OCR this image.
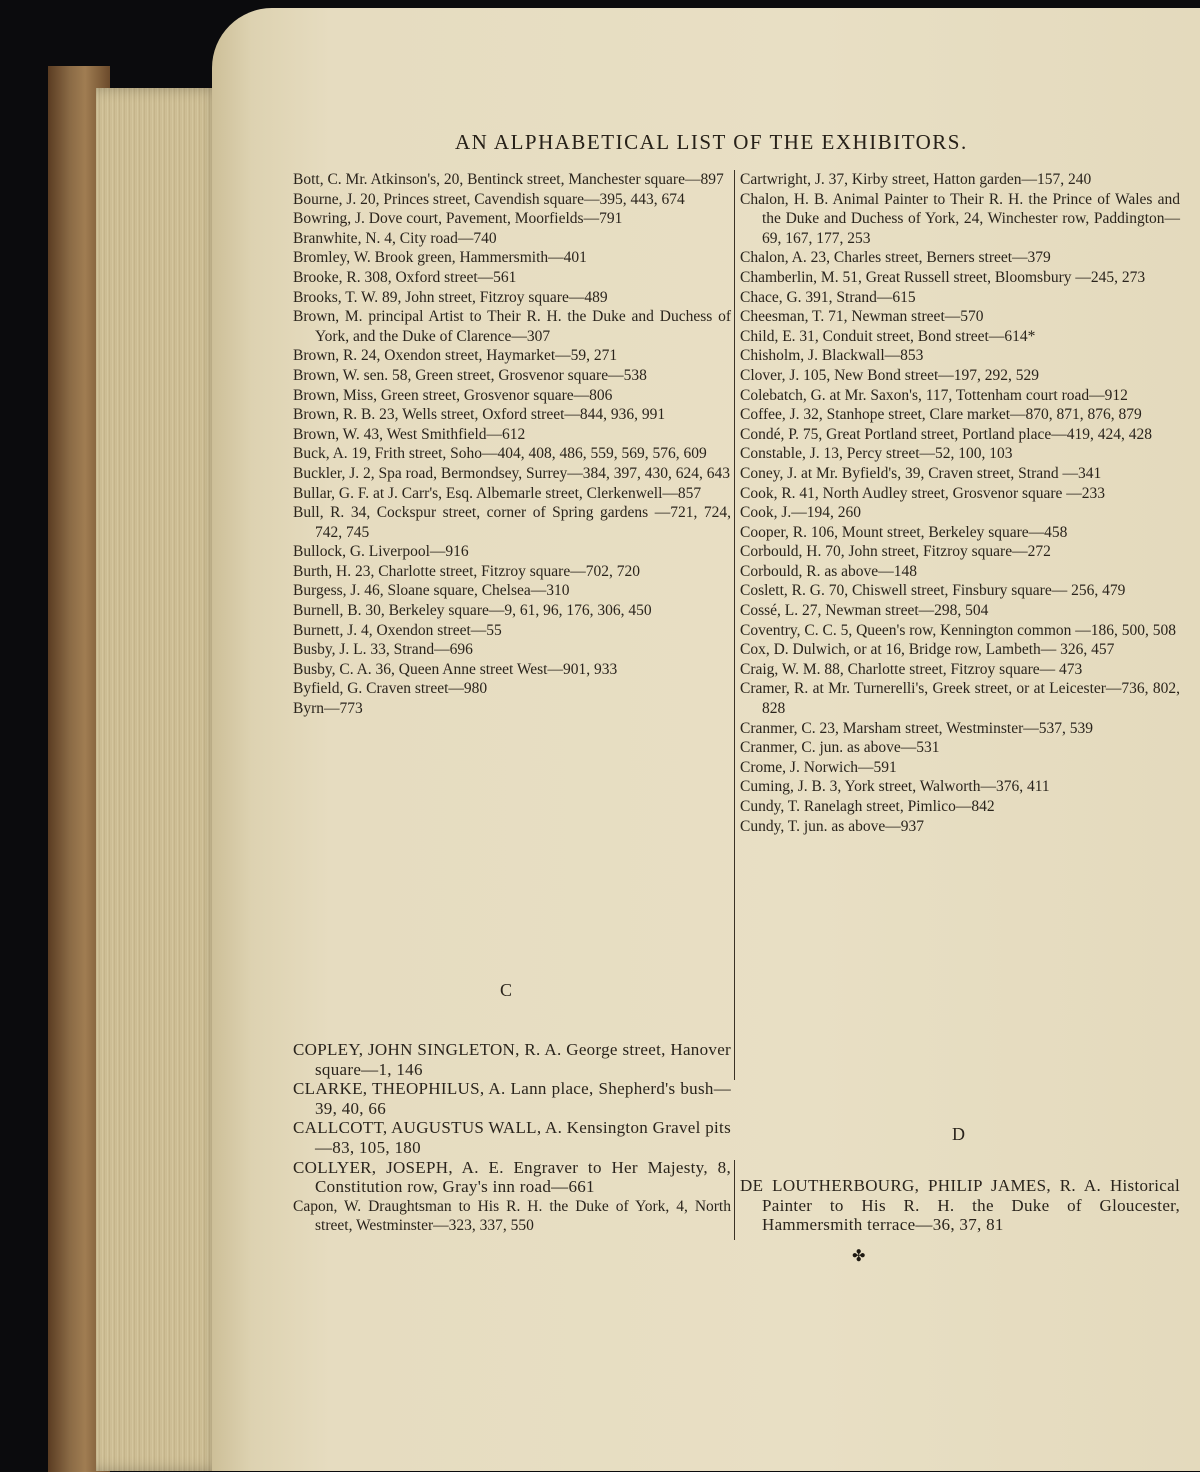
AN ALPHABETICAL LIST OF THE EXHIBITORS.

Bott, C. Mr. Atkinson's, 20, Bentinck street, Manchester square—897

Bourne, J. 20, Princes street, Cavendish square—395, 443, 674

Bowring, J. Dove court, Pavement, Moorfields—791

Branwhite, N. 4, City road—740

Bromley, W. Brook green, Hammersmith—401

Brooke, R. 308, Oxford street—561

Brooks, T. W. 89, John street, Fitzroy square—489

Brown, M. principal Artist to Their R. H. the Duke and Duchess of York, and the Duke of Clarence—307

Brown, R. 24, Oxendon street, Haymarket—59, 271

Brown, W. sen. 58, Green street, Grosvenor square—538

Brown, Miss, Green street, Grosvenor square—806

Brown, R. B. 23, Wells street, Oxford street—844, 936, 991

Brown, W. 43, West Smithfield—612

Buck, A. 19, Frith street, Soho—404, 408, 486, 559, 569, 576, 609

Buckler, J. 2, Spa road, Bermondsey, Surrey—384, 397, 430, 624, 643

Bullar, G. F. at J. Carr's, Esq. Albemarle street, Clerkenwell—857

Bull, R. 34, Cockspur street, corner of Spring gardens —721, 724, 742, 745

Bullock, G. Liverpool—916

Burth, H. 23, Charlotte street, Fitzroy square—702, 720

Burgess, J. 46, Sloane square, Chelsea—310

Burnell, B. 30, Berkeley square—9, 61, 96, 176, 306, 450

Burnett, J. 4, Oxendon street—55

Busby, J. L. 33, Strand—696

Busby, C. A. 36, Queen Anne street West—901, 933

Byfield, G. Craven street—980

Byrn—773

C

COPLEY, JOHN SINGLETON, R. A. George street, Hanover square—1, 146

CLARKE, THEOPHILUS, A. Lann place, Shepherd's bush—39, 40, 66

CALLCOTT, AUGUSTUS WALL, A. Kensington Gravel pits—83, 105, 180

COLLYER, JOSEPH, A. E. Engraver to Her Majesty, 8, Constitution row, Gray's inn road—661

Capon, W. Draughtsman to His R. H. the Duke of York, 4, North street, Westminster—323, 337, 550

Cartwright, J. 37, Kirby street, Hatton garden—157, 240

Chalon, H. B. Animal Painter to Their R. H. the Prince of Wales and the Duke and Duchess of York, 24, Winchester row, Paddington—69, 167, 177, 253

Chalon, A. 23, Charles street, Berners street—379

Chamberlin, M. 51, Great Russell street, Bloomsbury —245, 273

Chace, G. 391, Strand—615

Cheesman, T. 71, Newman street—570

Child, E. 31, Conduit street, Bond street—614*

Chisholm, J. Blackwall—853

Clover, J. 105, New Bond street—197, 292, 529

Colebatch, G. at Mr. Saxon's, 117, Tottenham court road—912

Coffee, J. 32, Stanhope street, Clare market—870, 871, 876, 879

Condé, P. 75, Great Portland street, Portland place—419, 424, 428

Constable, J. 13, Percy street—52, 100, 103

Coney, J. at Mr. Byfield's, 39, Craven street, Strand —341

Cook, R. 41, North Audley street, Grosvenor square —233

Cook, J.—194, 260

Cooper, R. 106, Mount street, Berkeley square—458

Corbould, H. 70, John street, Fitzroy square—272

Corbould, R. as above—148

Coslett, R. G. 70, Chiswell street, Finsbury square— 256, 479

Cossé, L. 27, Newman street—298, 504

Coventry, C. C. 5, Queen's row, Kennington common —186, 500, 508

Cox, D. Dulwich, or at 16, Bridge row, Lambeth— 326, 457

Craig, W. M. 88, Charlotte street, Fitzroy square— 473

Cramer, R. at Mr. Turnerelli's, Greek street, or at Leicester—736, 802, 828

Cranmer, C. 23, Marsham street, Westminster—537, 539

Cranmer, C. jun. as above—531

Crome, J. Norwich—591

Cuming, J. B. 3, York street, Walworth—376, 411

Cundy, T. Ranelagh street, Pimlico—842

Cundy, T. jun. as above—937

D

DE LOUTHERBOURG, PHILIP JAMES, R. A. Historical Painter to His R. H. the Duke of Gloucester, Hammersmith terrace—36, 37, 81

✤
